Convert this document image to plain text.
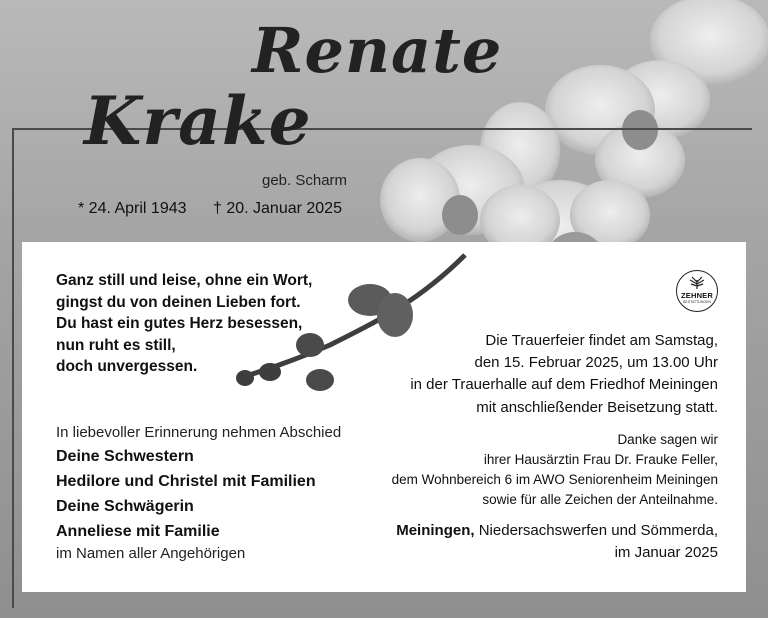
Renate
Krake
geb. Scharm
* 24. April 1943 † 20. Januar 2025
Ganz still und leise, ohne ein Wort,
gingst du von deinen Lieben fort.
Du hast ein gutes Herz besessen,
nun ruht es still,
doch unvergessen.
In liebevoller Erinnerung nehmen Abschied
Deine Schwestern
Hedilore und Christel mit Familien
Deine Schwägerin
Anneliese mit Familie
im Namen aller Angehörigen
ZEHNER
BESTATTUNGEN
Die Trauerfeier findet am Samstag,
den 15. Februar 2025, um 13.00 Uhr
in der Trauerhalle auf dem Friedhof Meiningen
mit anschließender Beisetzung statt.
Danke sagen wir
ihrer Hausärztin Frau Dr. Frauke Feller,
dem Wohnbereich 6 im AWO Seniorenheim Meiningen
sowie für alle Zeichen der Anteilnahme.
Meiningen, Niedersachswerfen und Sömmerda,
im Januar 2025
